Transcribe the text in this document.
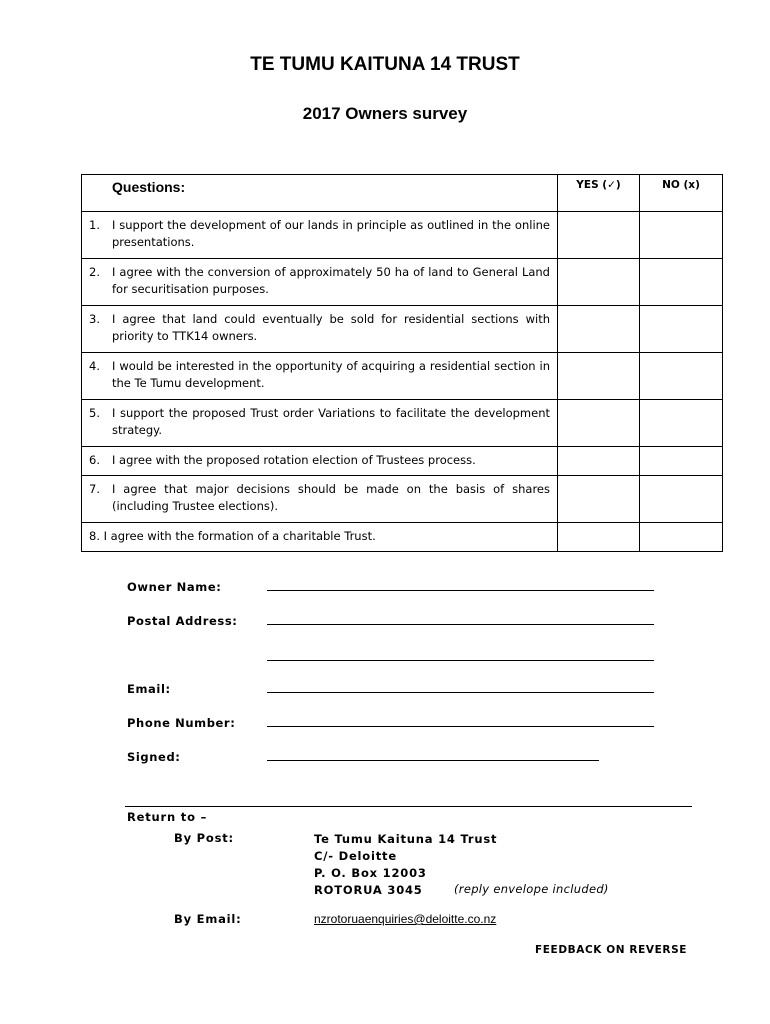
TE TUMU KAITUNA 14 TRUST
2017 Owners survey
Questions:	YES (✓)	NO (x)

1. I support the development of our lands in principle as outlined in the online presentations.		

2. I agree with the conversion of approximately 50 ha of land to General Land for securitisation purposes.		

3. I agree that land could eventually be sold for residential sections with priority to TTK14 owners.		

4. I would be interested in the opportunity of acquiring a residential section in the Te Tumu development.		

5. I support the proposed Trust order Variations to facilitate the development strategy.		

6. I agree with the proposed rotation election of Trustees process.		

7. I agree that major decisions should be made on the basis of shares (including Trustee elections).		

8. I agree with the formation of a charitable Trust.		

Owner Name:
Postal Address:
Email:
Phone Number:
Signed:
Return to –
By Post:	Te Tumu Kaituna 14 Trust
C/- Deloitte
P. O. Box 12003
ROTORUA 3045	(reply envelope included)
By Email:	nzrotoruaenquiries@deloitte.co.nz
FEEDBACK ON REVERSE
